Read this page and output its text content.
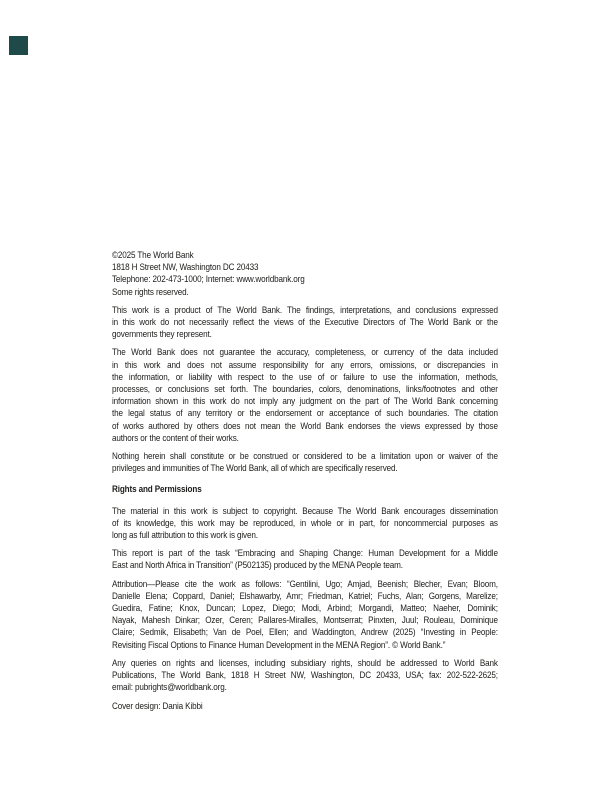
©2025 The World Bank
1818 H Street NW, Washington DC 20433
Telephone: 202-473-1000; Internet: www.worldbank.org
Some rights reserved.
This work is a product of The World Bank. The findings, interpretations, and conclusions expressed
in this work do not necessarily reflect the views of the Executive Directors of The World Bank or the
governments they represent.
The World Bank does not guarantee the accuracy, completeness, or currency of the data included
in this work and does not assume responsibility for any errors, omissions, or discrepancies in
the information, or liability with respect to the use of or failure to use the information, methods,
processes, or conclusions set forth. The boundaries, colors, denominations, links/footnotes and other
information shown in this work do not imply any judgment on the part of The World Bank concerning
the legal status of any territory or the endorsement or acceptance of such boundaries. The citation
of works authored by others does not mean the World Bank endorses the views expressed by those
authors or the content of their works.
Nothing herein shall constitute or be construed or considered to be a limitation upon or waiver of the
privileges and immunities of The World Bank, all of which are specifically reserved.
Rights and Permissions
The material in this work is subject to copyright. Because The World Bank encourages dissemination
of its knowledge, this work may be reproduced, in whole or in part, for noncommercial purposes as
long as full attribution to this work is given.
This report is part of the task “Embracing and Shaping Change: Human Development for a Middle
East and North Africa in Transition” (P502135) produced by the MENA People team.
Attribution—Please cite the work as follows: “Gentilini, Ugo; Amjad, Beenish; Blecher, Evan; Bloom,
Danielle Elena; Coppard, Daniel; Elshawarby, Amr; Friedman, Katriel; Fuchs, Alan; Gorgens, Marelize;
Guedira, Fatine; Knox, Duncan; Lopez, Diego; Modi, Arbind; Morgandi, Matteo; Naeher, Dominik;
Nayak, Mahesh Dinkar; Ozer, Ceren; Pallares-Miralles, Montserrat; Pinxten, Juul; Rouleau, Dominique
Claire; Sedmik, Elisabeth; Van de Poel, Ellen; and Waddington, Andrew (2025) “Investing in People:
Revisiting Fiscal Options to Finance Human Development in the MENA Region”. © World Bank.”
Any queries on rights and licenses, including subsidiary rights, should be addressed to World Bank
Publications, The World Bank, 1818 H Street NW, Washington, DC 20433, USA; fax: 202-522-2625;
email: pubrights@worldbank.org.
Cover design: Dania Kibbi
